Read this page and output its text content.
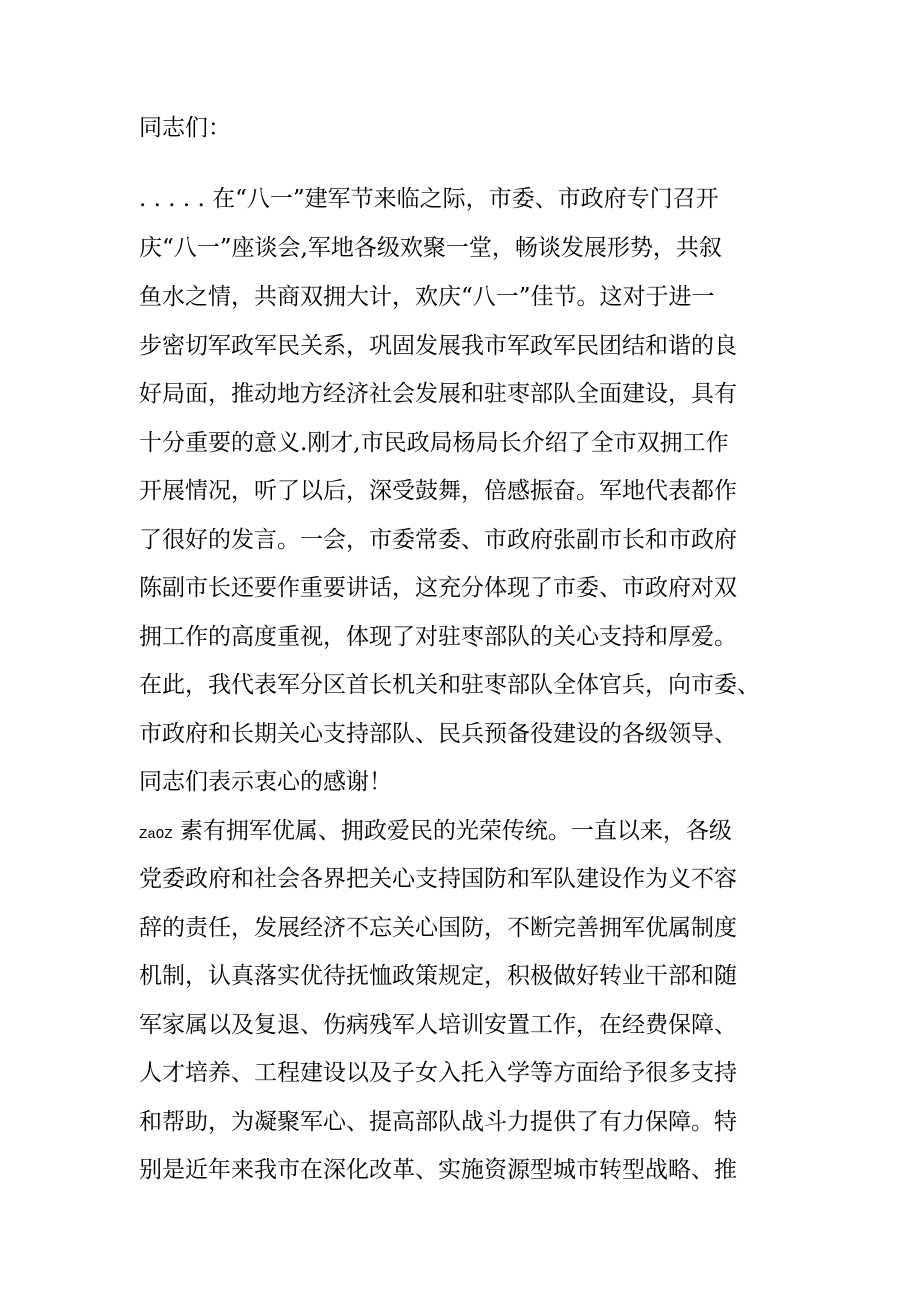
同志们：
. . . . . 在“八一”建军节来临之际，市委、市政府专门召开
庆“八一”座谈会,军地各级欢聚一堂，畅谈发展形势，共叙
鱼水之情，共商双拥大计，欢庆“八一”佳节。这对于进一
步密切军政军民关系，巩固发展我市军政军民团结和谐的良
好局面，推动地方经济社会发展和驻枣部队全面建设，具有
十分重要的意义.刚才,市民政局杨局长介绍了全市双拥工作
开展情况，听了以后，深受鼓舞，倍感振奋。军地代表都作
了很好的发言。一会，市委常委、市政府张副市长和市政府
陈副市长还要作重要讲话，这充分体现了市委、市政府对双
拥工作的高度重视，体现了对驻枣部队的关心支持和厚爱。
在此，我代表军分区首长机关和驻枣部队全体官兵，向市委、
市政府和长期关心支持部队、民兵预备役建设的各级领导、
同志们表示衷心的感谢！
ZaOZ 素有拥军优属、拥政爱民的光荣传统。一直以来，各级
党委政府和社会各界把关心支持国防和军队建设作为义不容
辞的责任，发展经济不忘关心国防，不断完善拥军优属制度
机制，认真落实优待抚恤政策规定，积极做好转业干部和随
军家属以及复退、伤病残军人培训安置工作，在经费保障、
人才培养、工程建设以及子女入托入学等方面给予很多支持
和帮助，为凝聚军心、提高部队战斗力提供了有力保障。特
别是近年来我市在深化改革、实施资源型城市转型战略、推
